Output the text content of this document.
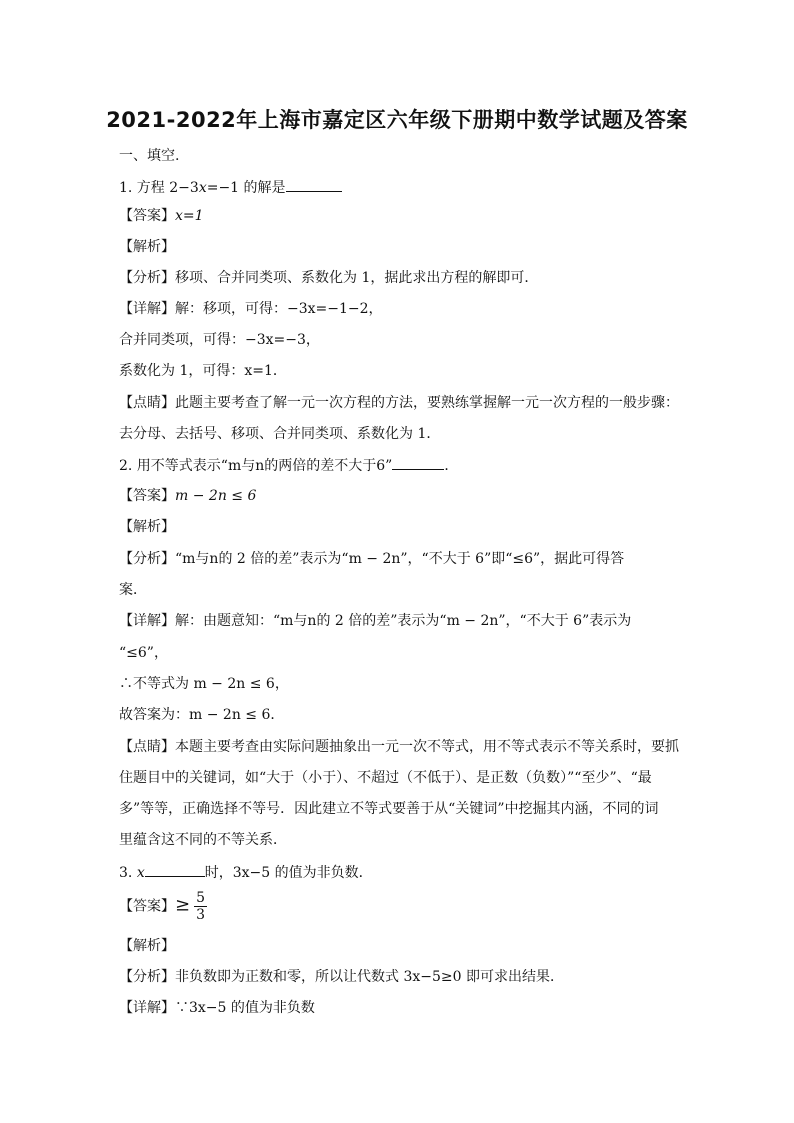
2021-2022年上海市嘉定区六年级下册期中数学试题及答案
一、填空.
1. 方程 2−3x=−1 的解是
【答案】x=1
【解析】
【分析】移项、合并同类项、系数化为 1，据此求出方程的解即可．
【详解】解：移项，可得：−3x=−1−2，
合并同类项，可得：−3x=−3，
系数化为 1，可得：x=1．
【点睛】此题主要考查了解一元一次方程的方法，要熟练掌握解一元一次方程的一般步骤：
去分母、去括号、移项、合并同类项、系数化为 1．
2. 用不等式表示“m与n的两倍的差不大于6”	．
【答案】m − 2n ≤ 6
【解析】
【分析】“m与n的 2 倍的差”表示为“m − 2n”，“不大于 6”即“≤6”，据此可得答
案．
【详解】解：由题意知：“m与n的 2 倍的差”表示为“m − 2n”，“不大于 6”表示为
“≤6”，
∴不等式为 m − 2n ≤ 6，
故答案为：m − 2n ≤ 6．
【点睛】本题主要考查由实际问题抽象出一元一次不等式，用不等式表示不等关系时，要抓
住题目中的关键词，如“大于（小于）、不超过（不低于）、是正数（负数）”“至少”、“最
多”等等，正确选择不等号．因此建立不等式要善于从“关键词”中挖掘其内涵，不同的词
里蕴含这不同的不等关系．
3. x	时，3x−5 的值为非负数．
【答案】≥ $\frac{5}{3}$
【解析】
【分析】非负数即为正数和零，所以让代数式 3x−5≥0 即可求出结果．
【详解】∵3x−5 的值为非负数
